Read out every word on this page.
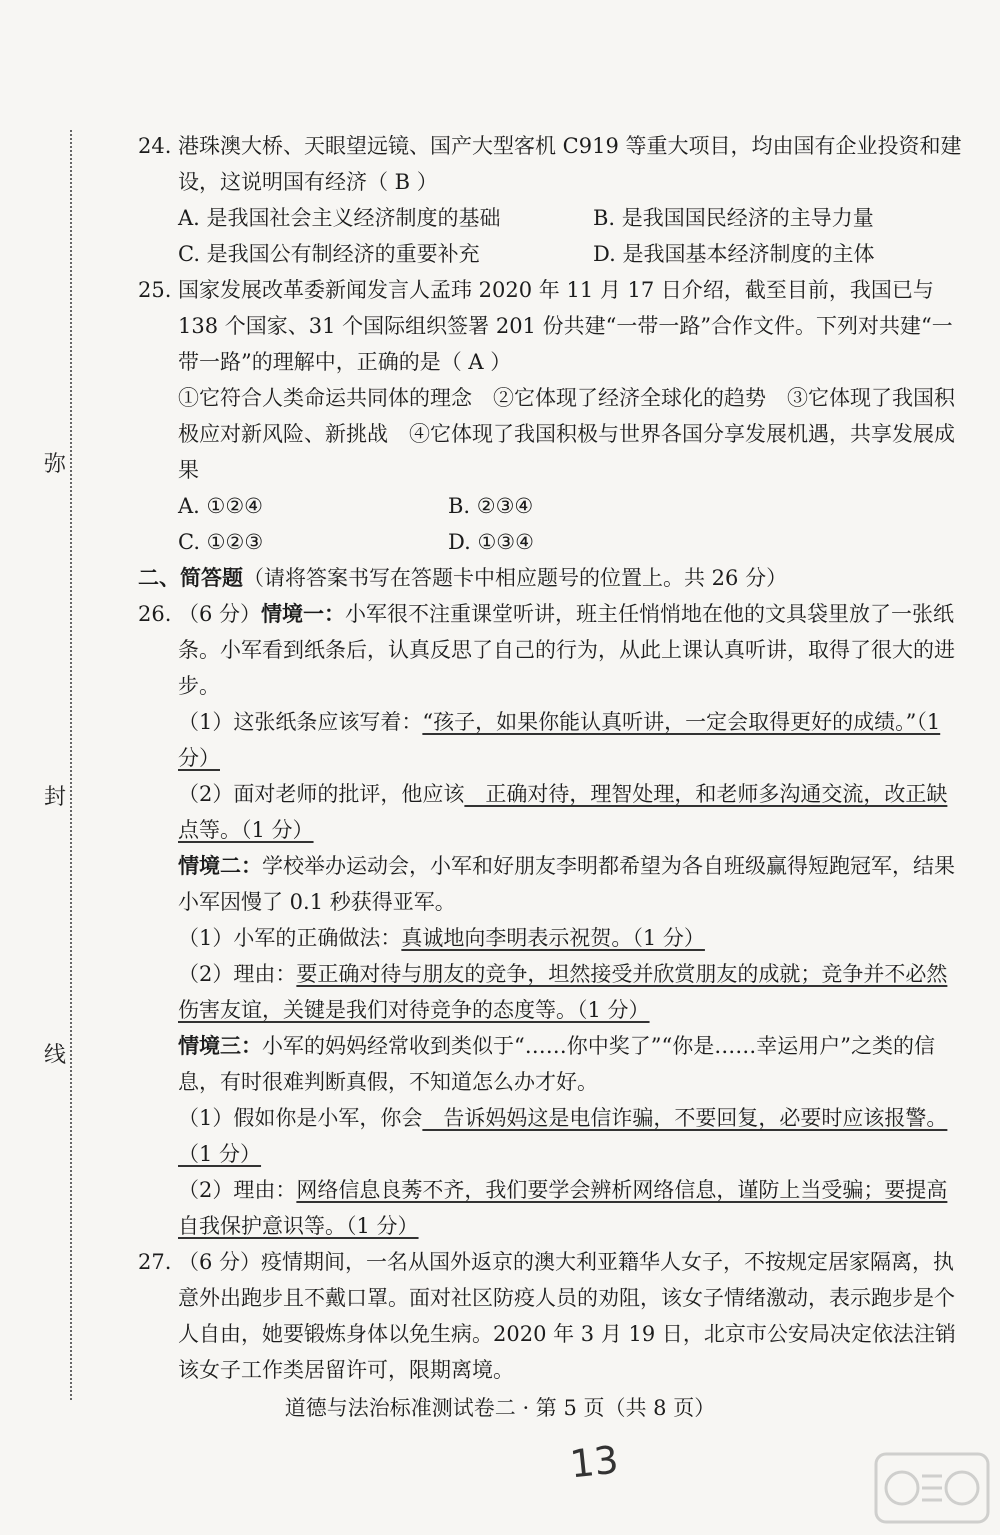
弥
封
线
24. 港珠澳大桥、天眼望远镜、国产大型客机 C919 等重大项目，均由国有企业投资和建设，这说明国有经济（ B ）
A. 是我国社会主义经济制度的基础	B. 是我国国民经济的主导力量
C. 是我国公有制经济的重要补充	D. 是我国基本经济制度的主体
25. 国家发展改革委新闻发言人孟玮 2020 年 11 月 17 日介绍，截至目前，我国已与 138 个国家、31 个国际组织签署 201 份共建“一带一路”合作文件。下列对共建“一带一路”的理解中，正确的是（ A ）
①它符合人类命运共同体的理念　②它体现了经济全球化的趋势　③它体现了我国积极应对新风险、新挑战　④它体现了我国积极与世界各国分享发展机遇，共享发展成果
A. ①②④	B. ②③④
C. ①②③	D. ①③④
二、简答题（请将答案书写在答题卡中相应题号的位置上。共 26 分）
26. （6 分）情境一：小军很不注重课堂听讲，班主任悄悄地在他的文具袋里放了一张纸条。小军看到纸条后，认真反思了自己的行为，从此上课认真听讲，取得了很大的进步。
（1）这张纸条应该写着：“孩子，如果你能认真听讲，一定会取得更好的成绩。”（1 分）
（2）面对老师的批评，他应该　正确对待，理智处理，和老师多沟通交流，改正缺点等。（1 分）
情境二：学校举办运动会，小军和好朋友李明都希望为各自班级赢得短跑冠军，结果小军因慢了 0.1 秒获得亚军。
（1）小军的正确做法：真诚地向李明表示祝贺。（1 分）
（2）理由：要正确对待与朋友的竞争，坦然接受并欣赏朋友的成就；竞争并不必然伤害友谊，关键是我们对待竞争的态度等。（1 分）
情境三：小军的妈妈经常收到类似于“……你中奖了”“你是……幸运用户”之类的信息，有时很难判断真假，不知道怎么办才好。
（1）假如你是小军，你会　告诉妈妈这是电信诈骗，不要回复，必要时应该报警。（1 分）
（2）理由：网络信息良莠不齐，我们要学会辨析网络信息，谨防上当受骗；要提高自我保护意识等。（1 分）
27. （6 分）疫情期间，一名从国外返京的澳大利亚籍华人女子，不按规定居家隔离，执意外出跑步且不戴口罩。面对社区防疫人员的劝阻，该女子情绪激动，表示跑步是个人自由，她要锻炼身体以免生病。2020 年 3 月 19 日，北京市公安局决定依法注销该女子工作类居留许可，限期离境。
道德与法治标准测试卷二 · 第 5 页（共 8 页）
13
